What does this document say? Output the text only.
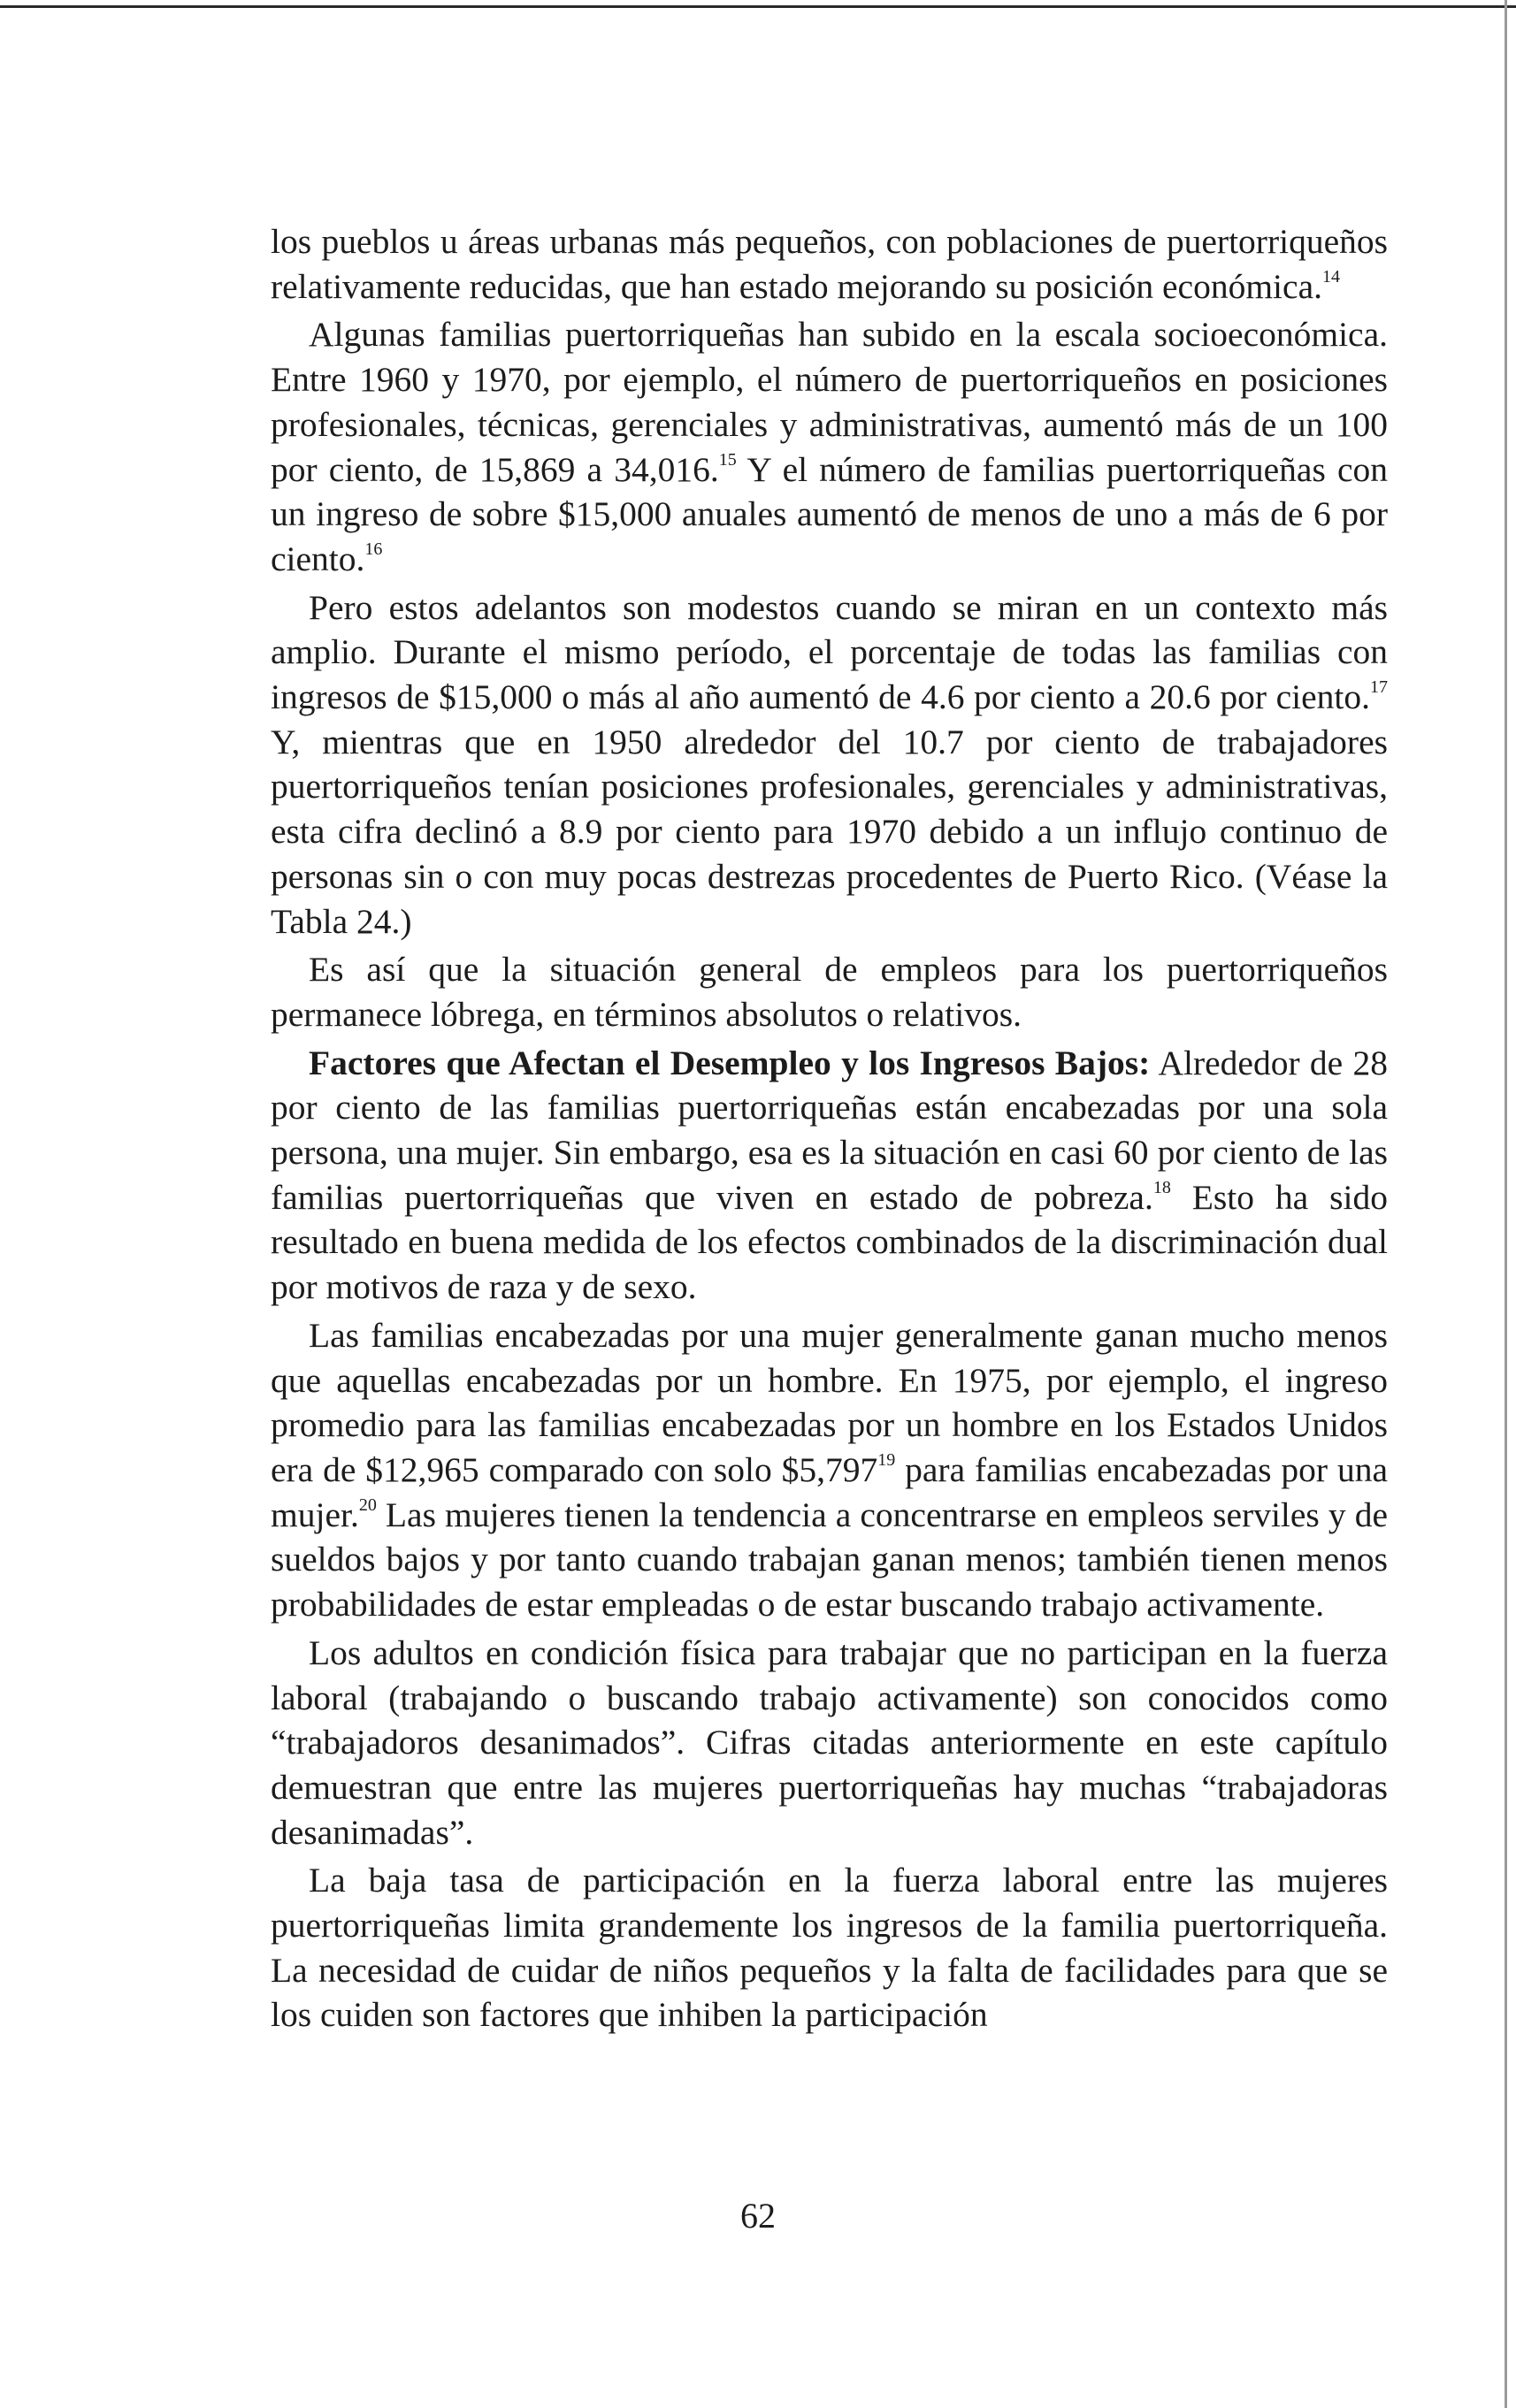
los pueblos u áreas urbanas más pequeños, con poblaciones de puertorriqueños relativamente reducidas, que han estado mejorando su posición económica.$^{14}$

Algunas familias puertorriqueñas han subido en la escala socioeconómica. Entre 1960 y 1970, por ejemplo, el número de puertorriqueños en posiciones profesionales, técnicas, gerenciales y administrativas, aumentó más de un 100 por ciento, de 15,869 a 34,016.15 Y el número de familias puertorriqueñas con un ingreso de sobre $15,000 anuales aumentó de menos de uno a más de 6 por ciento.$^{16}$

Pero estos adelantos son modestos cuando se miran en un contexto más amplio. Durante el mismo período, el porcentaje de todas las familias con ingresos de $15,000 o más al año aumentó de 4.6 por ciento a 20.6 por ciento.$^{17}$ Y, mientras que en 1950 alrededor del 10.7 por ciento de trabajadores puertorriqueños tenían posiciones profesionales, gerenciales y administrativas, esta cifra declinó a 8.9 por ciento para 1970 debido a un influjo continuo de personas sin o con muy pocas destrezas procedentes de Puerto Rico. (Véase la Tabla 24.)

Es así que la situación general de empleos para los puertorriqueños permanece lóbrega, en términos absolutos o relativos.

Factores que Afectan el Desempleo y los Ingresos Bajos: Alrededor de 28 por ciento de las familias puertorriqueñas están encabezadas por una sola persona, una mujer. Sin embargo, esa es la situación en casi 60 por ciento de las familias puertorriqueñas que viven en estado de pobreza.$^{18}$ Esto ha sido resultado en buena medida de los efectos combinados de la discriminación dual por motivos de raza y de sexo.

Las familias encabezadas por una mujer generalmente ganan mucho menos que aquellas encabezadas por un hombre. En 1975, por ejemplo, el ingreso promedio para las familias encabezadas por un hombre en los Estados Unidos era de $12,965 comparado con solo $5,797$^{19}$ para familias encabezadas por una mujer.$^{20}$ Las mujeres tienen la tendencia a concentrarse en empleos serviles y de sueldos bajos y por tanto cuando trabajan ganan menos; también tienen menos probabilidades de estar empleadas o de estar buscando trabajo activamente.

Los adultos en condición física para trabajar que no participan en la fuerza laboral (trabajando o buscando trabajo activamente) son conocidos como “trabajadoros desanimados”. Cifras citadas anteriormente en este capítulo demuestran que entre las mujeres puertorriqueñas hay muchas “trabajadoras desanimadas”.

La baja tasa de participación en la fuerza laboral entre las mujeres puertorriqueñas limita grandemente los ingresos de la familia puertorriqueña. La necesidad de cuidar de niños pequeños y la falta de facilidades para que se los cuiden son factores que inhiben la participación

62
